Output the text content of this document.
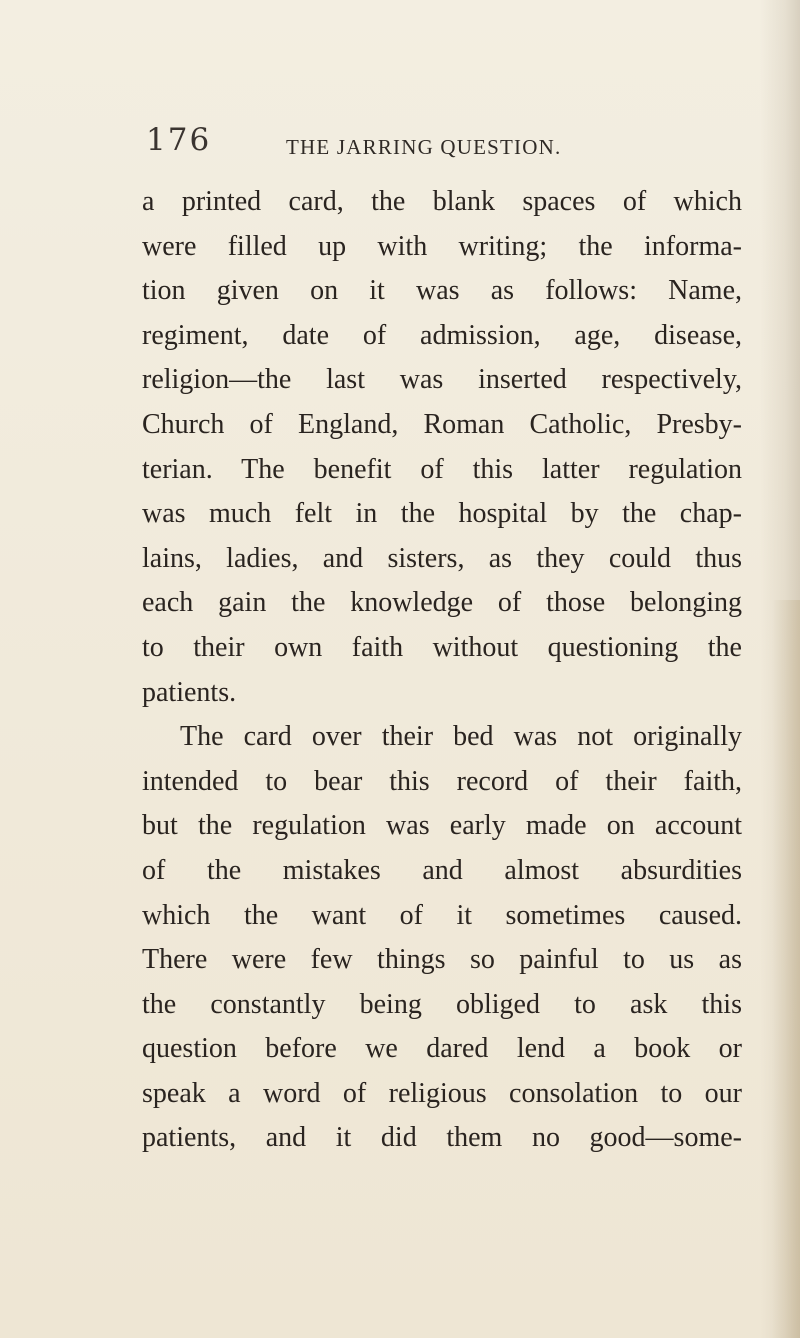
176	THE JARRING QUESTION.
a printed card, the blank spaces of which
were filled up with writing; the informa-
tion given on it was as follows: Name,
regiment, date of admission, age, disease,
religion—the last was inserted respectively,
Church of England, Roman Catholic, Presby-
terian. The benefit of this latter regulation
was much felt in the hospital by the chap-
lains, ladies, and sisters, as they could thus
each gain the knowledge of those belonging
to their own faith without questioning the
patients.
The card over their bed was not originally
intended to bear this record of their faith,
but the regulation was early made on account
of the mistakes and almost absurdities
which the want of it sometimes caused.
There were few things so painful to us as
the constantly being obliged to ask this
question before we dared lend a book or
speak a word of religious consolation to our
patients, and it did them no good—some-
